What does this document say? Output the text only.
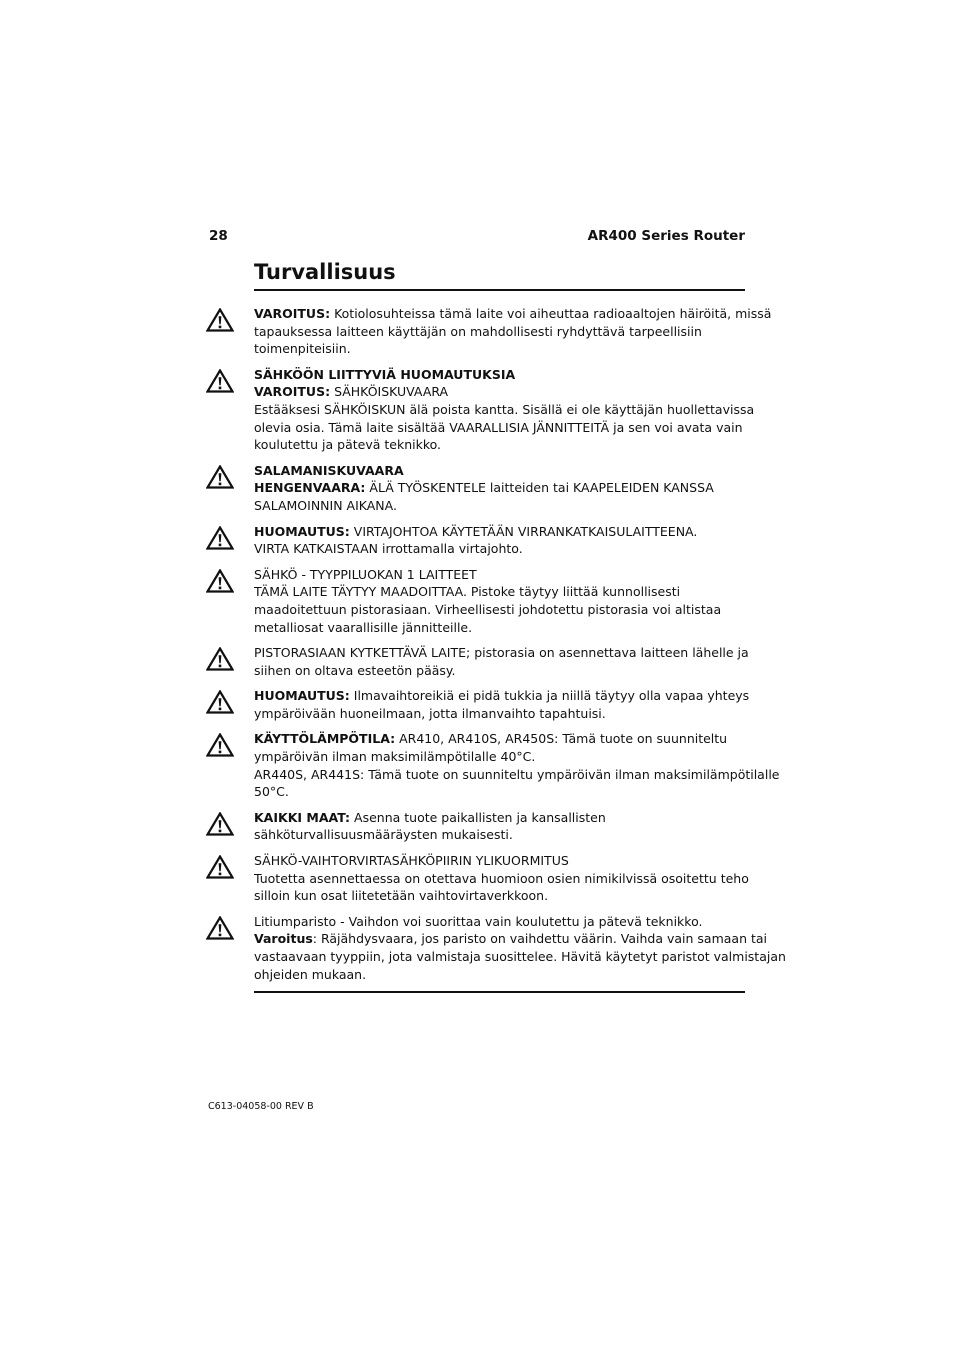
28	AR400 Series Router
Turvallisuus
VAROITUS: Kotiolosuhteissa tämä laite voi aiheuttaa radioaaltojen häiröitä, missä
tapauksessa laitteen käyttäjän on mahdollisesti ryhdyttävä tarpeellisiin
toimenpiteisiin.
SÄHKÖÖN LIITTYVIÄ HUOMAUTUKSIA
VAROITUS: SÄHKÖISKUVAARA
Estääksesi SÄHKÖISKUN älä poista kantta. Sisällä ei ole käyttäjän huollettavissa
olevia osia. Tämä laite sisältää VAARALLISIA JÄNNITTEITÄ ja sen voi avata vain
koulutettu ja pätevä teknikko.
SALAMANISKUVAARA
HENGENVAARA: ÄLÄ TYÖSKENTELE laitteiden tai KAAPELEIDEN KANSSA
SALAMOINNIN AIKANA.
HUOMAUTUS: VIRTAJOHTOA KÄYTETÄÄN VIRRANKATKAISULAITTEENA.
VIRTA KATKAISTAAN irrottamalla virtajohto.
SÄHKÖ - TYYPPILUOKAN 1 LAITTEET
TÄMÄ LAITE TÄYTYY MAADOITTAA. Pistoke täytyy liittää kunnollisesti
maadoitettuun pistorasiaan. Virheellisesti johdotettu pistorasia voi altistaa
metalliosat vaarallisille jännitteille.
PISTORASIAAN KYTKETTÄVÄ LAITE; pistorasia on asennettava laitteen lähelle ja
siihen on oltava esteetön pääsy.
HUOMAUTUS: Ilmavaihtoreikiä ei pidä tukkia ja niillä täytyy olla vapaa yhteys
ympäröivään huoneilmaan, jotta ilmanvaihto tapahtuisi.
KÄYTTÖLÄMPÖTILA: AR410, AR410S, AR450S: Tämä tuote on suunniteltu
ympäröivän ilman maksimilämpötilalle 40°C.
AR440S, AR441S: Tämä tuote on suunniteltu ympäröivän ilman maksimilämpötilalle
50°C.
KAIKKI MAAT: Asenna tuote paikallisten ja kansallisten
sähköturvallisuusmääräysten mukaisesti.
SÄHKÖ-VAIHTORVIRTASÄHKÖPIIRIN YLIKUORMITUS
Tuotetta asennettaessa on otettava huomioon osien nimikilvissä osoitettu teho
silloin kun osat liitetetään vaihtovirtaverkkoon.
Litiumparisto - Vaihdon voi suorittaa vain koulutettu ja pätevä teknikko.
Varoitus: Räjähdysvaara, jos paristo on vaihdettu väärin. Vaihda vain samaan tai
vastaavaan tyyppiin, jota valmistaja suosittelee. Hävitä käytetyt paristot valmistajan
ohjeiden mukaan.
C613-04058-00 REV B
